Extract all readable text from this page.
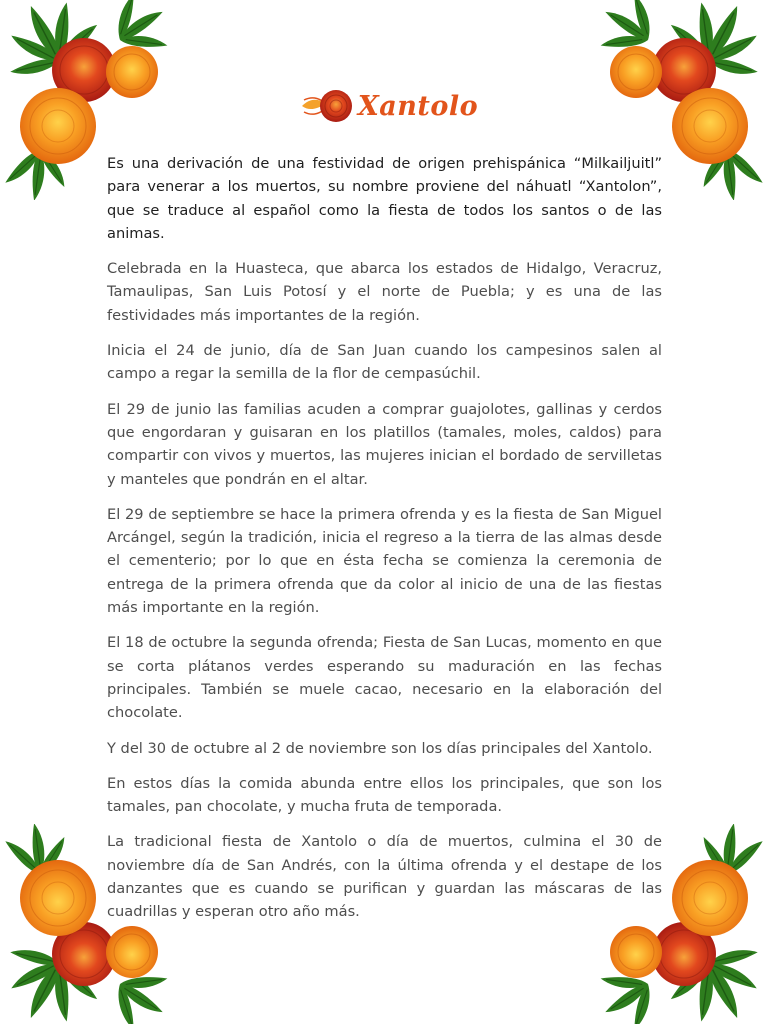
Xantolo

Es una derivación de una festividad de origen prehispánica “Milkailjuitl” para venerar a los muertos, su nombre proviene del náhuatl “Xantolon”, que se traduce al español como la fiesta de todos los santos o de las animas.

Celebrada en la Huasteca, que abarca los estados de Hidalgo, Veracruz, Tamaulipas, San Luis Potosí y el norte de Puebla; y es una de las festividades más importantes de la región.

Inicia el 24 de junio, día de San Juan cuando los campesinos salen al campo a regar la semilla de la flor de cempasúchil.

El 29 de junio las familias acuden a comprar guajolotes, gallinas y cerdos que engordaran y guisaran en los platillos (tamales, moles, caldos) para compartir con vivos y muertos, las mujeres inician el bordado de servilletas y manteles que pondrán en el altar.

El 29 de septiembre se hace la primera ofrenda y es la fiesta de San Miguel Arcángel, según la tradición, inicia el regreso a la tierra de las almas desde el cementerio; por lo que en ésta fecha se comienza la ceremonia de entrega de la primera ofrenda que da color al inicio de una de las fiestas más importante en la región.

El 18 de octubre la segunda ofrenda; Fiesta de San Lucas, momento en que se corta plátanos verdes esperando su maduración en las fechas principales. También se muele cacao, necesario en la elaboración del chocolate.

Y del 30 de octubre al 2 de noviembre son los días principales del Xantolo.

En estos días la comida abunda entre ellos los principales, que son los tamales, pan chocolate, y mucha fruta de temporada.

La tradicional fiesta de Xantolo o día de muertos, culmina el 30 de noviembre día de San Andrés, con la última ofrenda y el destape de los danzantes que es cuando se purifican y guardan las máscaras de las cuadrillas y esperan otro año más.
